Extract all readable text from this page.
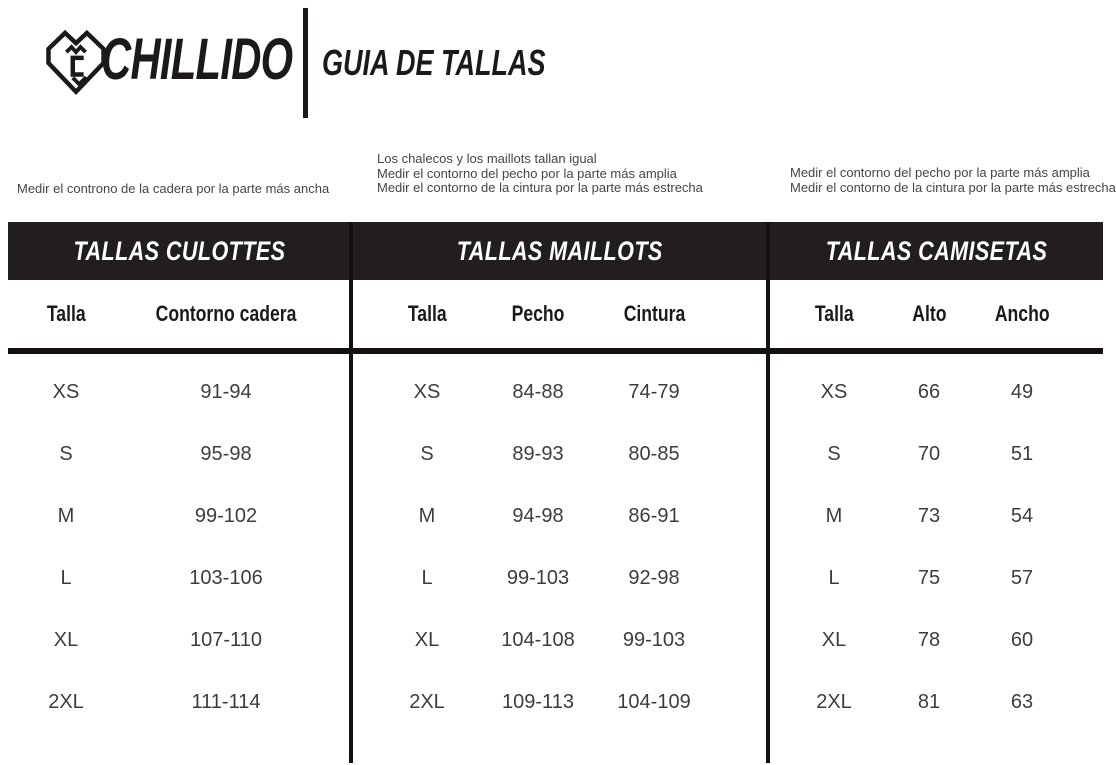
CHILLIDO GUIA DE TALLAS
Medir el controno de la cadera por la parte más ancha
Los chalecos y los maillots tallan igual
Medir el contorno del pecho por la parte más amplia
Medir el contorno de la cintura por la parte más estrecha
Medir el contorno del pecho por la parte más amplia
Medir el contorno de la cintura por la parte más estrecha
TALLAS CULOTTES	TALLAS MAILLOTS	TALLAS CAMISETAS
Talla	Contorno cadera
XS	91-94
S	95-98
M	99-102
L	103-106
XL	107-110
2XL	111-114
Talla	Pecho	Cintura
XS	84-88	74-79
S	89-93	80-85
M	94-98	86-91
L	99-103	92-98
XL	104-108 99-103
2XL	109-113 104-109
Talla	Alto Ancho
XS	66	49
S	70	51
M	73	54
L	75	57
XL	78	60
2XL	81	63
